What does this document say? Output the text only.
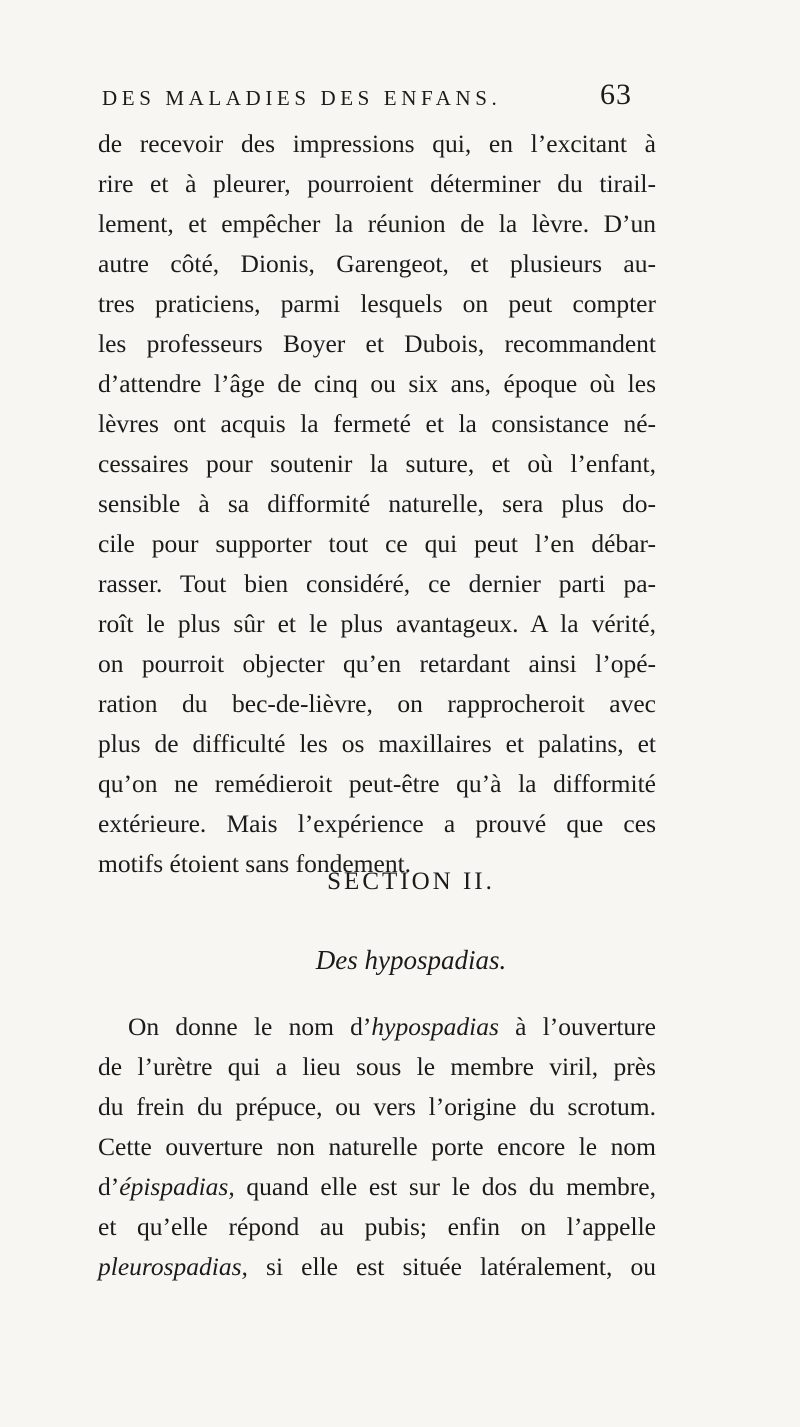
DES MALADIES DES ENFANS.	63
de recevoir des impressions qui, en l’excitant à
rire et à pleurer, pourroient déterminer du tirail-
lement, et empêcher la réunion de la lèvre. D’un
autre côté, Dionis, Garengeot, et plusieurs au-
tres praticiens, parmi lesquels on peut compter
les professeurs Boyer et Dubois, recommandent
d’attendre l’âge de cinq ou six ans, époque où les
lèvres ont acquis la fermeté et la consistance né-
cessaires pour soutenir la suture, et où l’enfant,
sensible à sa difformité naturelle, sera plus do-
cile pour supporter tout ce qui peut l’en débar-
rasser. Tout bien considéré, ce dernier parti pa-
roît le plus sûr et le plus avantageux. A la vérité,
on pourroit objecter qu’en retardant ainsi l’opé-
ration du bec-de-lièvre, on rapprocheroit avec
plus de difficulté les os maxillaires et palatins, et
qu’on ne remédieroit peut-être qu’à la difformité
extérieure. Mais l’expérience a prouvé que ces
motifs étoient sans fondement.
SECTION II.
Des hypospadias.
On donne le nom d’hypospadias à l’ouverture
de l’urètre qui a lieu sous le membre viril, près
du frein du prépuce, ou vers l’origine du scrotum.
Cette ouverture non naturelle porte encore le nom
d’épispadias, quand elle est sur le dos du membre,
et qu’elle répond au pubis; enfin on l’appelle
pleurospadias, si elle est située latéralement, ou
